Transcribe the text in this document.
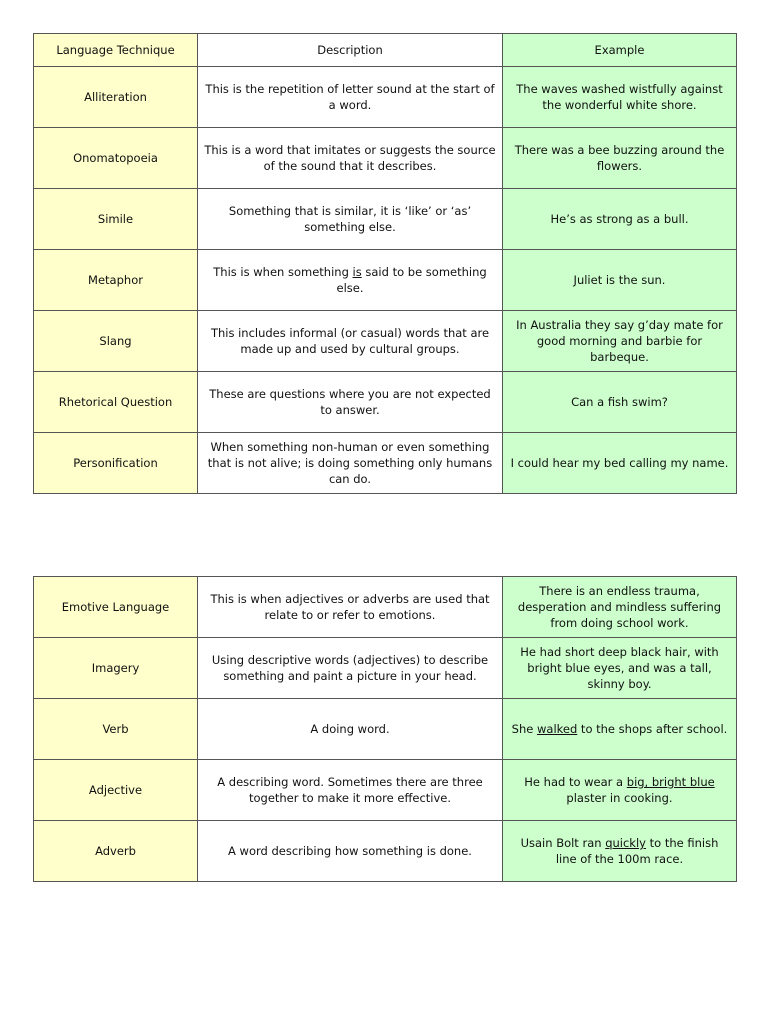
Language Technique	Description	Example
Alliteration	This is the repetition of letter sound at the start of a word.	The waves washed wistfully against the wonderful white shore.
Onomatopoeia	This is a word that imitates or suggests the source of the sound that it describes.	There was a bee buzzing around the flowers.
Simile	Something that is similar, it is ‘like’ or ‘as’ something else.	He’s as strong as a bull.
Metaphor	This is when something is said to be something else.	Juliet is the sun.
Slang	This includes informal (or casual) words that are made up and used by cultural groups.	In Australia they say g’day mate for good morning and barbie for barbeque.
Rhetorical Question	These are questions where you are not expected to answer.	Can a fish swim?
Personification	When something non-human or even something that is not alive; is doing something only humans can do.	I could hear my bed calling my name.
Emotive Language	This is when adjectives or adverbs are used that relate to or refer to emotions.	There is an endless trauma, desperation and mindless suffering from doing school work.
Imagery	Using descriptive words (adjectives) to describe something and paint a picture in your head.	He had short deep black hair, with bright blue eyes, and was a tall, skinny boy.
Verb	A doing word.	She walked to the shops after school.
Adjective	A describing word. Sometimes there are three together to make it more effective.	He had to wear a big, bright blue plaster in cooking.
Adverb	A word describing how something is done.	Usain Bolt ran quickly to the finish line of the 100m race.
